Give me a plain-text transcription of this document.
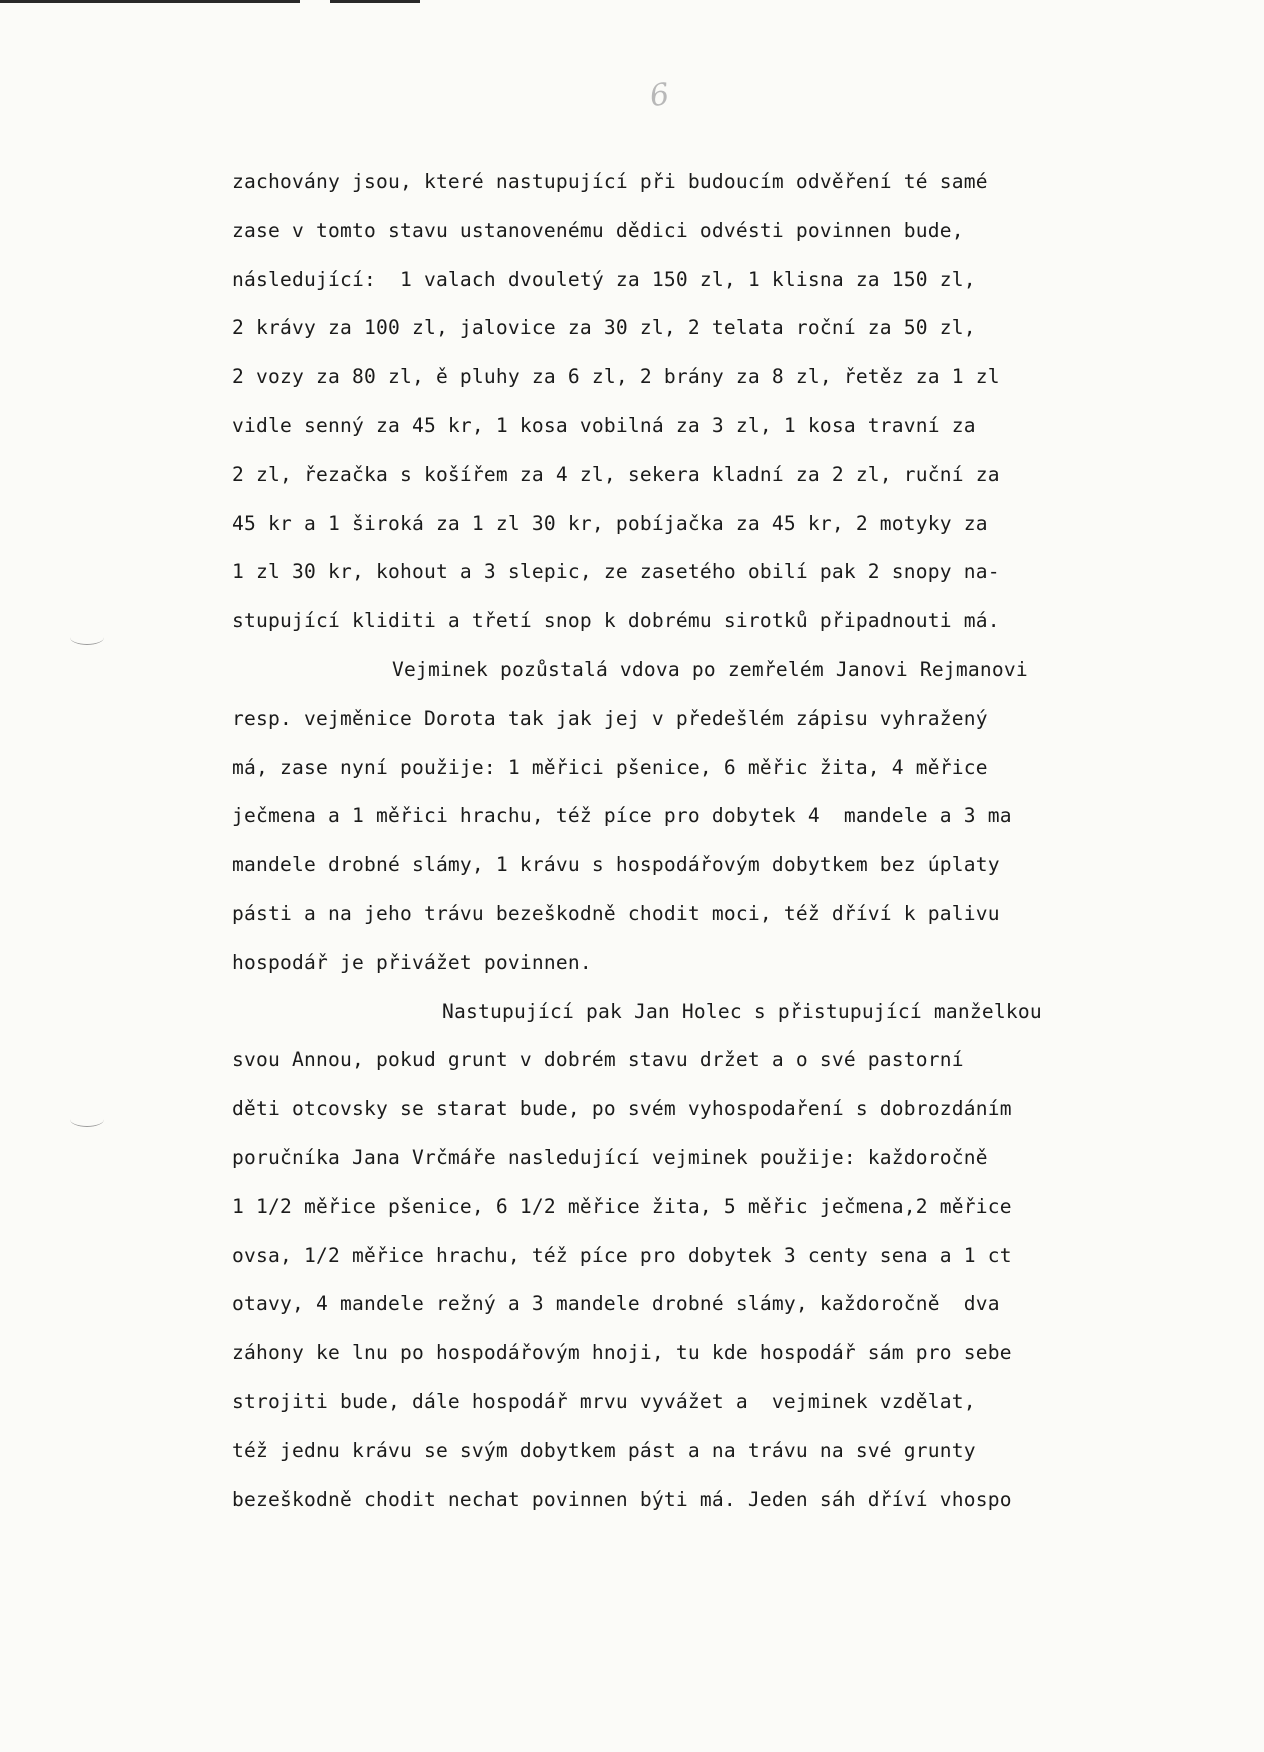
6
zachovány jsou, které nastupující při budoucím odvěření té samé
zase v tomto stavu ustanovenému dědici odvésti povinnen bude,
následující:  1 valach dvouletý za 150 zl, 1 klisna za 150 zl,
2 krávy za 100 zl, jalovice za 30 zl, 2 telata roční za 50 zl,
2 vozy za 80 zl, ě pluhy za 6 zl, 2 brány za 8 zl, řetěz za 1 zl
vidle senný za 45 kr, 1 kosa vobilná za 3 zl, 1 kosa travní za
2 zl, řezačka s košířem za 4 zl, sekera kladní za 2 zl, ruční za
45 kr a 1 široká za 1 zl 30 kr, pobíjačka za 45 kr, 2 motyky za
1 zl 30 kr, kohout a 3 slepic, ze zasetého obilí pak 2 snopy na-
stupující kliditi a třetí snop k dobrému sirotků připadnouti má.
Vejminek pozůstalá vdova po zemřelém Janovi Rejmanovi
resp. vejměnice Dorota tak jak jej v předešlém zápisu vyhražený
má, zase nyní použije: 1 měřici pšenice, 6 měřic žita, 4 měřice
ječmena a 1 měřici hrachu, též píce pro dobytek 4  mandele a 3 ma
mandele drobné slámy, 1 krávu s hospodářovým dobytkem bez úplaty
pásti a na jeho trávu bezeškodně chodit moci, též dříví k palivu
hospodář je přivážet povinnen.
Nastupující pak Jan Holec s přistupující manželkou
svou Annou, pokud grunt v dobrém stavu držet a o své pastorní
děti otcovsky se starat bude, po svém vyhospodaření s dobrozdáním
poručníka Jana Vrčmáře nasledující vejminek použije: každoročně
1 1/2 měřice pšenice, 6 1/2 měřice žita, 5 měřic ječmena,2 měřice
ovsa, 1/2 měřice hrachu, též píce pro dobytek 3 centy sena a 1 ct
otavy, 4 mandele režný a 3 mandele drobné slámy, každoročně  dva
záhony ke lnu po hospodářovým hnoji, tu kde hospodář sám pro sebe
strojiti bude, dále hospodář mrvu vyvážet a  vejminek vzdělat,
též jednu krávu se svým dobytkem pást a na trávu na své grunty
bezeškodně chodit nechat povinnen býti má. Jeden sáh dříví vhospo
